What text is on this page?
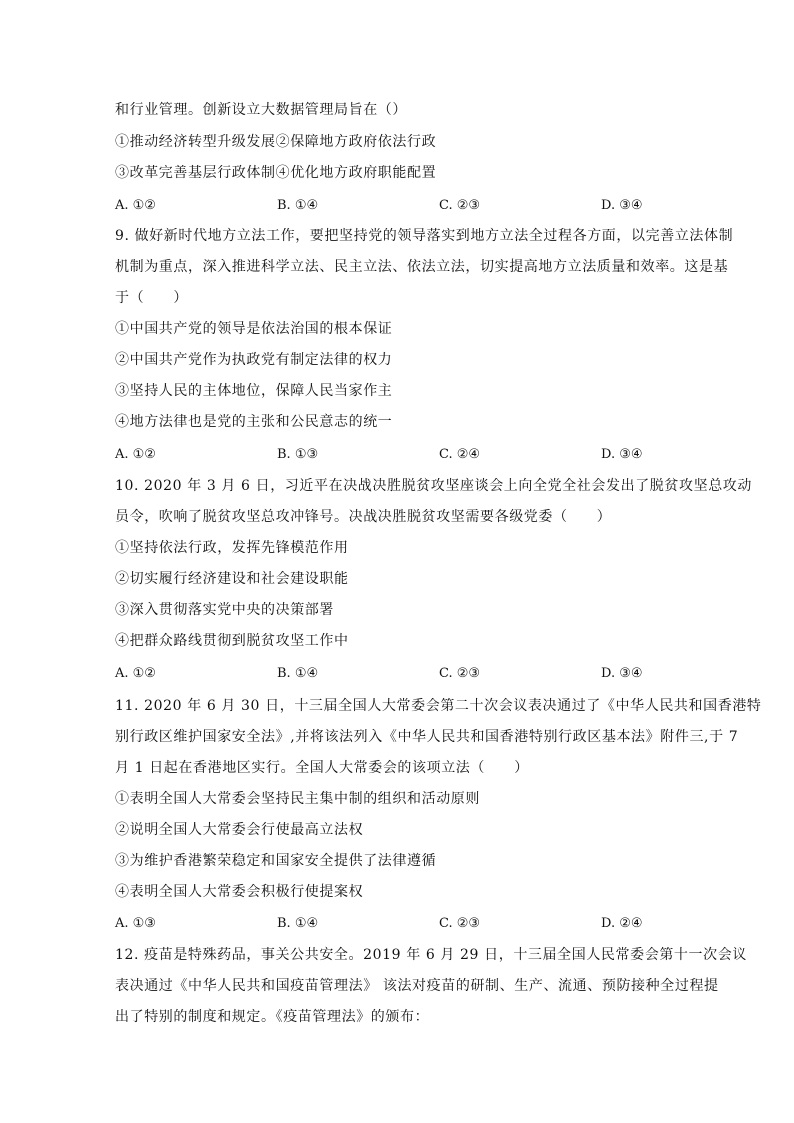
和行业管理。创新设立大数据管理局旨在（）
①推动经济转型升级发展②保障地方政府依法行政
③改革完善基层行政体制④优化地方政府职能配置
A. ①②	B. ①④	C. ②③	D. ③④
9. 做好新时代地方立法工作，要把坚持党的领导落实到地方立法全过程各方面，以完善立法体制
机制为重点，深入推进科学立法、民主立法、依法立法，切实提高地方立法质量和效率。这是基
于（　　）
①中国共产党的领导是依法治国的根本保证
②中国共产党作为执政党有制定法律的权力
③坚持人民的主体地位，保障人民当家作主
④地方法律也是党的主张和公民意志的统一
A. ①②	B. ①③	C. ②④	D. ③④
10. 2020 年 3 月 6 日，习近平在决战决胜脱贫攻坚座谈会上向全党全社会发出了脱贫攻坚总攻动
员令，吹响了脱贫攻坚总攻冲锋号。决战决胜脱贫攻坚需要各级党委（　　）
①坚持依法行政，发挥先锋模范作用
②切实履行经济建设和社会建设职能
③深入贯彻落实党中央的决策部署
④把群众路线贯彻到脱贫攻坚工作中
A. ①②	B. ①④	C. ②③	D. ③④
11. 2020 年 6 月 30 日，十三届全国人大常委会第二十次会议表决通过了《中华人民共和国香港特
别行政区维护国家安全法》,并将该法列入《中华人民共和国香港特别行政区基本法》附件三,于 7
月 1 日起在香港地区实行。全国人大常委会的该项立法（　　）
①表明全国人大常委会坚持民主集中制的组织和活动原则
②说明全国人大常委会行使最高立法权
③为维护香港繁荣稳定和国家安全提供了法律遵循
④表明全国人大常委会积极行使提案权
A. ①③	B. ①④	C. ②③	D. ②④
12. 疫苗是特殊药品，事关公共安全。2019 年 6 月 29 日，十三届全国人民常委会第十一次会议
表决通过《中华人民共和国疫苗管理法》 该法对疫苗的研制、生产、流通、预防接种全过程提
出了特别的制度和规定。《疫苗管理法》的颁布：
